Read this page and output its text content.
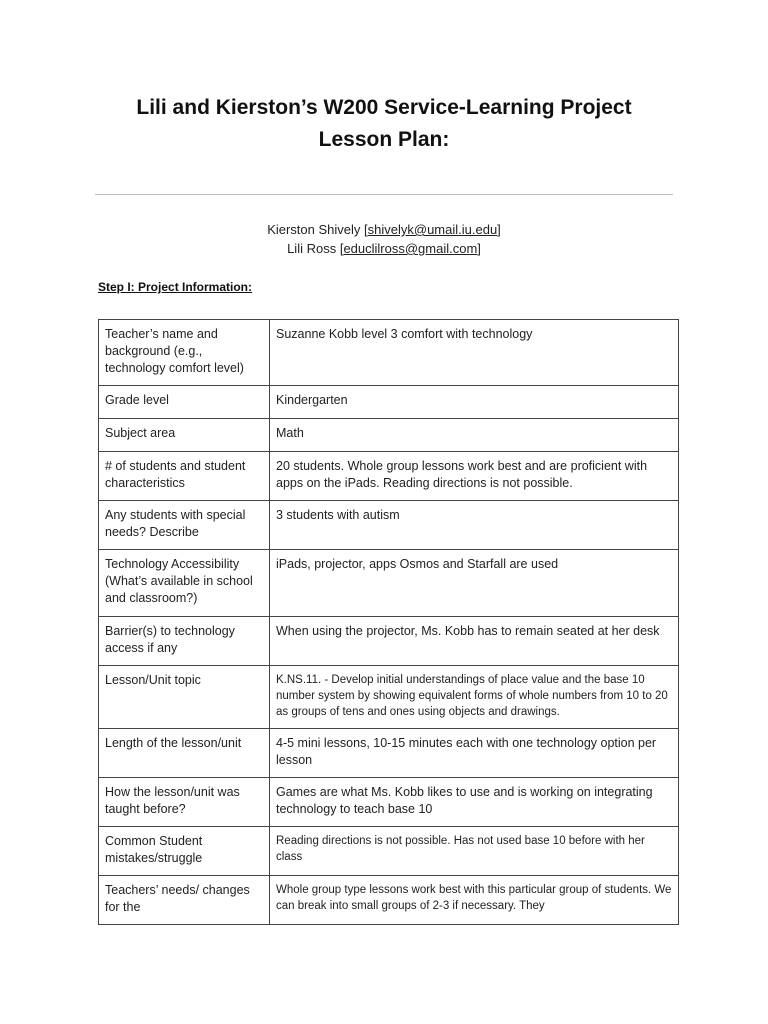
Lili and Kierston’s W200 Service-Learning Project
Lesson Plan:
Kierston Shively [shivelyk@umail.iu.edu]
Lili Ross [educlilross@gmail.com]
Step I: Project Information:
Teacher’s name and background (e.g., technology comfort level)	Suzanne Kobb level 3 comfort with technology
Grade level	Kindergarten
Subject area	Math
# of students and student characteristics	20 students. Whole group lessons work best and are proficient with apps on the iPads. Reading directions is not possible.
Any students with special needs? Describe	3 students with autism
Technology Accessibility (What’s available in school and classroom?)	iPads, projector, apps Osmos and Starfall are used
Barrier(s) to technology access if any	When using the projector, Ms. Kobb has to remain seated at her desk
Lesson/Unit topic	K.NS.11. - Develop initial understandings of place value and the base 10 number system by showing equivalent forms of whole numbers from 10 to 20 as groups of tens and ones using objects and drawings.
Length of the lesson/unit	4-5 mini lessons, 10-15 minutes each with one technology option per lesson
How the lesson/unit was taught before?	Games are what Ms. Kobb likes to use and is working on integrating technology to teach base 10
Common Student mistakes/struggle	Reading directions is not possible. Has not used base 10 before with her class
Teachers’ needs/ changes for the	Whole group type lessons work best with this particular group of students. We can break into small groups of 2-3 if necessary. They
